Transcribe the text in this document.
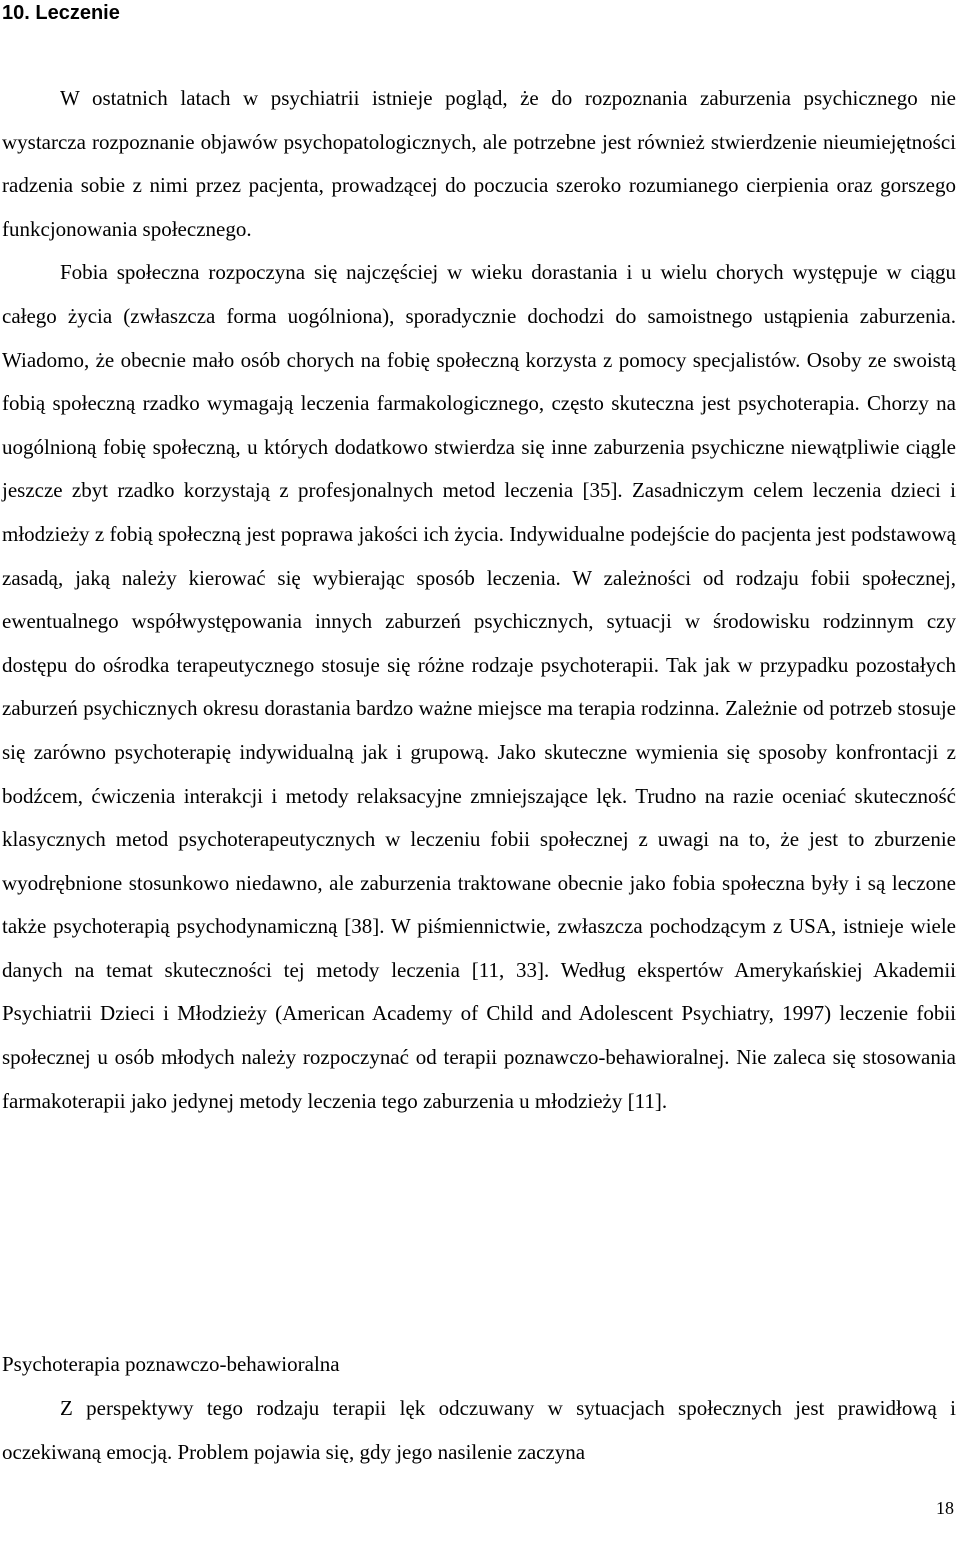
10. Leczenie

W ostatnich latach w psychiatrii istnieje pogląd, że do rozpoznania zaburzenia psychicznego nie wystarcza rozpoznanie objawów psychopatologicznych, ale potrzebne jest również stwierdzenie nieumiejętności radzenia sobie z nimi przez pacjenta, prowadzącej do poczucia szeroko rozumianego cierpienia oraz gorszego funkcjonowania społecznego.

Fobia społeczna rozpoczyna się najczęściej w wieku dorastania i u wielu chorych występuje w ciągu całego życia (zwłaszcza forma uogólniona), sporadycznie dochodzi do samoistnego ustąpienia zaburzenia. Wiadomo, że obecnie mało osób chorych na fobię społeczną korzysta z pomocy specjalistów. Osoby ze swoistą fobią społeczną rzadko wymagają leczenia farmakologicznego, często skuteczna jest psychoterapia. Chorzy na uogólnioną fobię społeczną, u których dodatkowo stwierdza się inne zaburzenia psychiczne niewątpliwie ciągle jeszcze zbyt rzadko korzystają z profesjonalnych metod leczenia [35]. Zasadniczym celem leczenia dzieci i młodzieży z fobią społeczną jest poprawa jakości ich życia. Indywidualne podejście do pacjenta jest podstawową zasadą, jaką należy kierować się wybierając sposób leczenia. W zależności od rodzaju fobii społecznej, ewentualnego współwystępowania innych zaburzeń psychicznych, sytuacji w środowisku rodzinnym czy dostępu do ośrodka terapeutycznego stosuje się różne rodzaje psychoterapii. Tak jak w przypadku pozostałych zaburzeń psychicznych okresu dorastania bardzo ważne miejsce ma terapia rodzinna. Zależnie od potrzeb stosuje się zarówno psychoterapię indywidualną jak i grupową. Jako skuteczne wymienia się sposoby konfrontacji z bodźcem, ćwiczenia interakcji i metody relaksacyjne zmniejszające lęk. Trudno na razie oceniać skuteczność klasycznych metod psychoterapeutycznych w leczeniu fobii społecznej z uwagi na to, że jest to zburzenie wyodrębnione stosunkowo niedawno, ale zaburzenia traktowane obecnie jako fobia społeczna były i są leczone także psychoterapią psychodynamiczną [38]. W piśmiennictwie, zwłaszcza pochodzącym z USA, istnieje wiele danych na temat skuteczności tej metody leczenia [11, 33]. Według ekspertów Amerykańskiej Akademii Psychiatrii Dzieci i Młodzieży (American Academy of Child and Adolescent Psychiatry, 1997) leczenie fobii społecznej u osób młodych należy rozpoczynać od terapii poznawczo-behawioralnej. Nie zaleca się stosowania farmakoterapii jako jedynej metody leczenia tego zaburzenia u młodzieży [11].

Psychoterapia poznawczo-behawioralna

Z perspektywy tego rodzaju terapii lęk odczuwany w sytuacjach społecznych jest prawidłową i oczekiwaną emocją. Problem pojawia się, gdy jego nasilenie zaczyna

18
